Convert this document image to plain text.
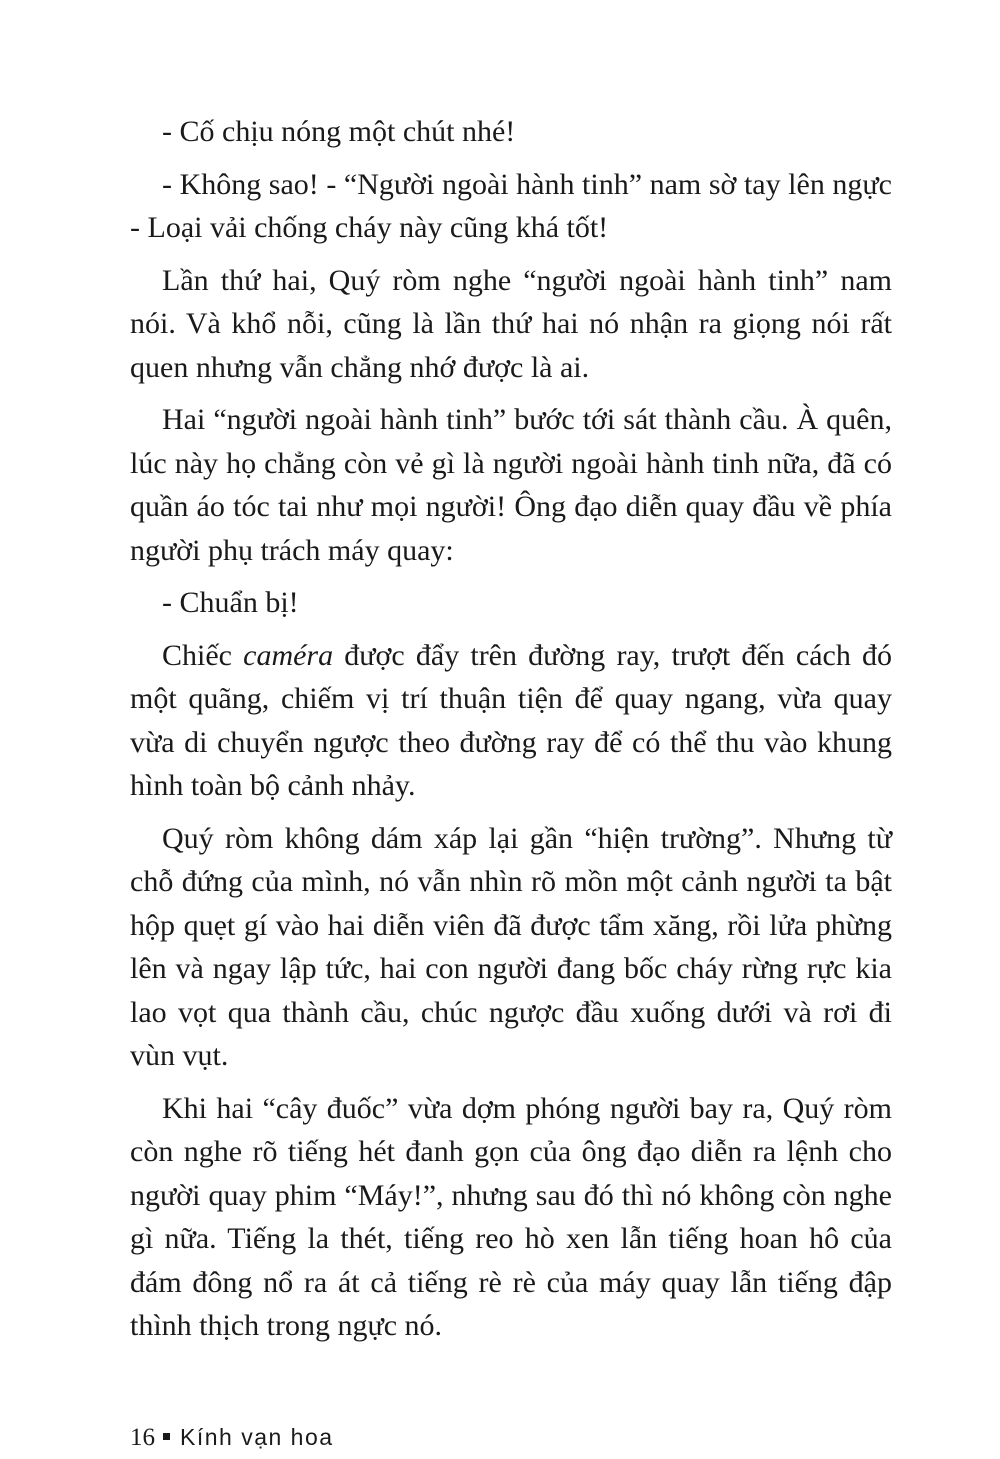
- Cố chịu nóng một chút nhé!

- Không sao! - “Người ngoài hành tinh” nam sờ tay lên ngực - Loại vải chống cháy này cũng khá tốt!

Lần thứ hai, Quý ròm nghe “người ngoài hành tinh” nam nói. Và khổ nỗi, cũng là lần thứ hai nó nhận ra giọng nói rất quen nhưng vẫn chẳng nhớ được là ai.

Hai “người ngoài hành tinh” bước tới sát thành cầu. À quên, lúc này họ chẳng còn vẻ gì là người ngoài hành tinh nữa, đã có quần áo tóc tai như mọi người! Ông đạo diễn quay đầu về phía người phụ trách máy quay:

- Chuẩn bị!

Chiếc caméra được đẩy trên đường ray, trượt đến cách đó một quãng, chiếm vị trí thuận tiện để quay ngang, vừa quay vừa di chuyển ngược theo đường ray để có thể thu vào khung hình toàn bộ cảnh nhảy.

Quý ròm không dám xáp lại gần “hiện trường”. Nhưng từ chỗ đứng của mình, nó vẫn nhìn rõ mồn một cảnh người ta bật hộp quẹt gí vào hai diễn viên đã được tẩm xăng, rồi lửa phừng lên và ngay lập tức, hai con người đang bốc cháy rừng rực kia lao vọt qua thành cầu, chúc ngược đầu xuống dưới và rơi đi vùn vụt.

Khi hai “cây đuốc” vừa dợm phóng người bay ra, Quý ròm còn nghe rõ tiếng hét đanh gọn của ông đạo diễn ra lệnh cho người quay phim “Máy!”, nhưng sau đó thì nó không còn nghe gì nữa. Tiếng la thét, tiếng reo hò xen lẫn tiếng hoan hô của đám đông nổ ra át cả tiếng rè rè của máy quay lẫn tiếng đập thình thịch trong ngực nó.

16 Kính vạn hoa
